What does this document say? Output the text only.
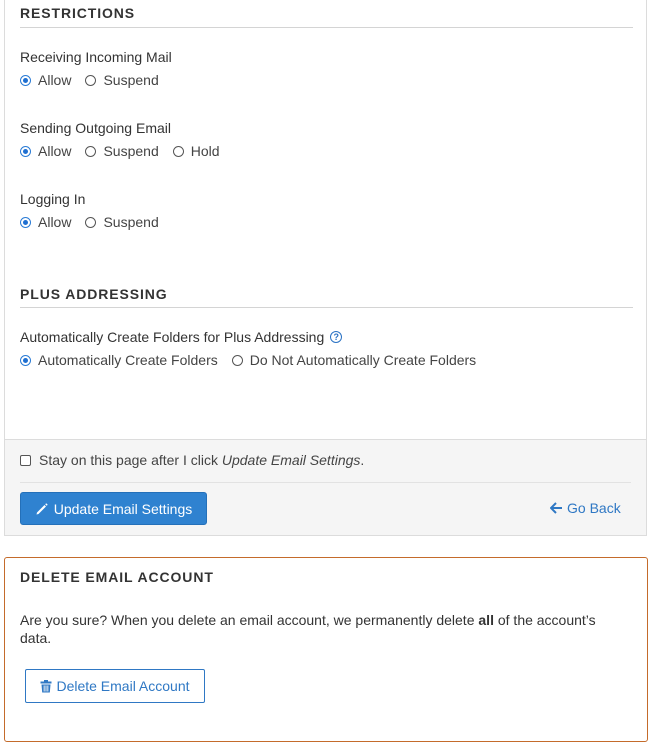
RESTRICTIONS
Receiving Incoming Mail
Allow Suspend
Sending Outgoing Email
Allow Suspend Hold
Logging In
Allow Suspend
PLUS ADDRESSING
Automatically Create Folders for Plus Addressing	?
Automatically Create Folders Do Not Automatically Create Folders
Stay on this page after I click Update Email Settings.
Update Email Settings	Go Back
DELETE EMAIL ACCOUNT
Are you sure? When you delete an email account, we permanently delete all of the account’s data.
Delete Email Account
